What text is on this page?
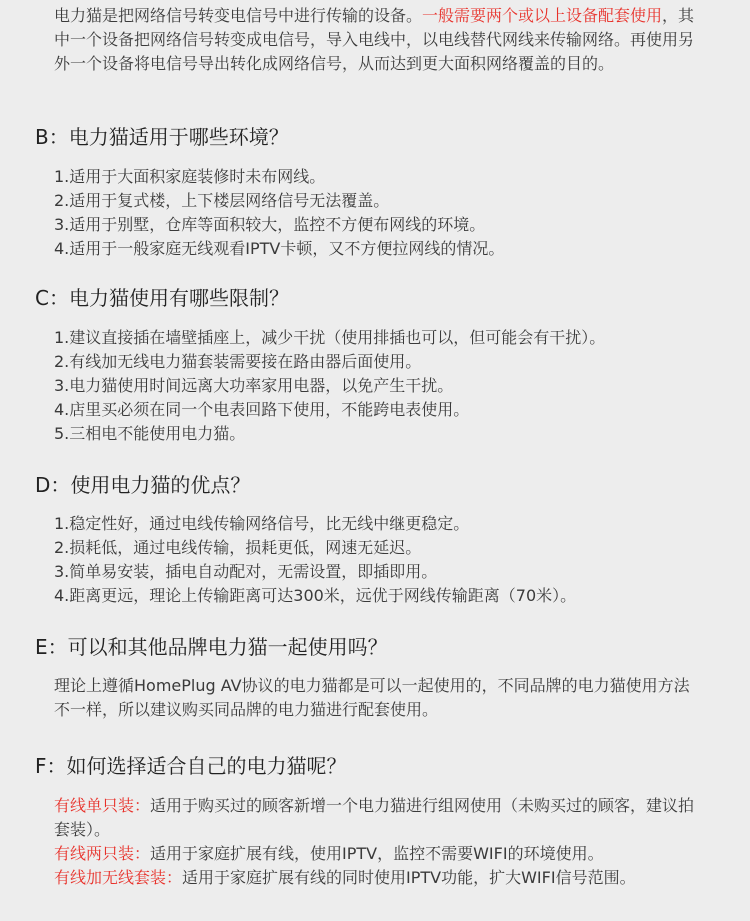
电力猫是把网络信号转变电信号中进行传输的设备。一般需要两个或以上设备配套使用，其中一个设备把网络信号转变成电信号，导入电线中，以电线替代网线来传输网络。再使用另外一个设备将电信号导出转化成网络信号，从而达到更大面积网络覆盖的目的。
B：电力猫适用于哪些环境？
1.适用于大面积家庭装修时未布网线。
2.适用于复式楼，上下楼层网络信号无法覆盖。
3.适用于别墅，仓库等面积较大，监控不方便布网线的环境。
4.适用于一般家庭无线观看IPTV卡顿，又不方便拉网线的情况。
C：电力猫使用有哪些限制？
1.建议直接插在墙壁插座上，减少干扰（使用排插也可以，但可能会有干扰）。
2.有线加无线电力猫套装需要接在路由器后面使用。
3.电力猫使用时间远离大功率家用电器，以免产生干扰。
4.店里买必须在同一个电表回路下使用，不能跨电表使用。
5.三相电不能使用电力猫。
D：使用电力猫的优点？
1.稳定性好，通过电线传输网络信号，比无线中继更稳定。
2.损耗低，通过电线传输，损耗更低，网速无延迟。
3.简单易安装，插电自动配对，无需设置，即插即用。
4.距离更远，理论上传输距离可达300米，远优于网线传输距离（70米）。
E：可以和其他品牌电力猫一起使用吗？
理论上遵循HomePlug AV协议的电力猫都是可以一起使用的，不同品牌的电力猫使用方法不一样，所以建议购买同品牌的电力猫进行配套使用。
F：如何选择适合自己的电力猫呢？
有线单只装：适用于购买过的顾客新增一个电力猫进行组网使用（未购买过的顾客，建议拍套装）。
有线两只装：适用于家庭扩展有线，使用IPTV，监控不需要WIFI的环境使用。
有线加无线套装：适用于家庭扩展有线的同时使用IPTV功能，扩大WIFI信号范围。
